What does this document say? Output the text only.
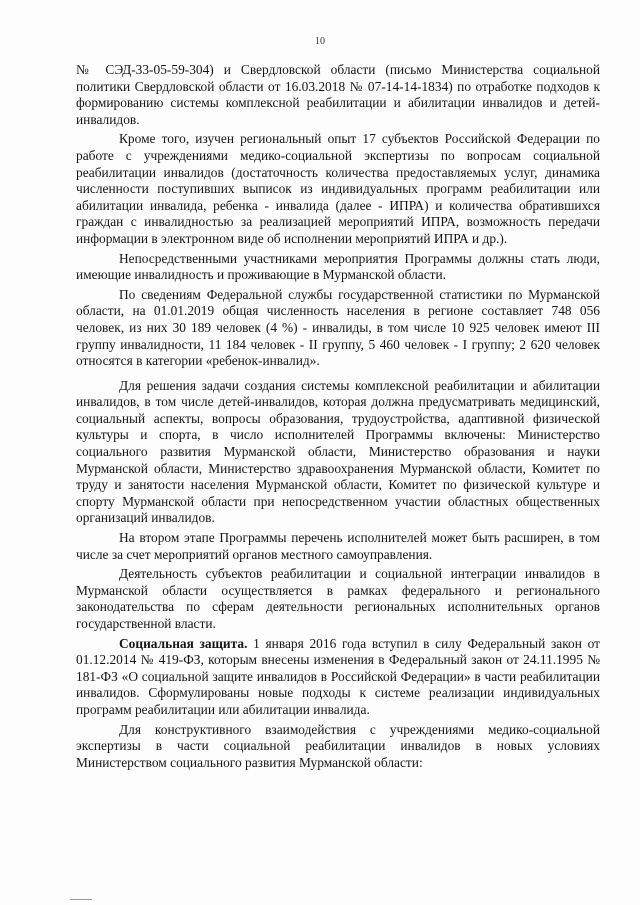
10

№ СЭД-33-05-59-304) и Свердловской области (письмо Министерства социальной политики Свердловской области от 16.03.2018 № 07-14-14-1834) по отработке подходов к формированию системы комплексной реабилитации и абилитации инвалидов и детей-инвалидов.

Кроме того, изучен региональный опыт 17 субъектов Российской Федерации по работе с учреждениями медико-социальной экспертизы по вопросам социальной реабилитации инвалидов (достаточность количества предоставляемых услуг, динамика численности поступивших выписок из индивидуальных программ реабилитации или абилитации инвалида, ребенка - инвалида (далее - ИПРА) и количества обратившихся граждан с инвалидностью за реализацией мероприятий ИПРА, возможность передачи информации в электронном виде об исполнении мероприятий ИПРА и др.).

Непосредственными участниками мероприятия Программы должны стать люди, имеющие инвалидность и проживающие в Мурманской области.

По сведениям Федеральной службы государственной статистики по Мурманской области, на 01.01.2019 общая численность населения в регионе составляет 748 056 человек, из них 30 189 человек (4 %) - инвалиды, в том числе 10 925 человек имеют III группу инвалидности, 11 184 человек - II группу, 5 460 человек - I группу; 2 620 человек относятся в категории «ребенок-инвалид».

Для решения задачи создания системы комплексной реабилитации и абилитации инвалидов, в том числе детей-инвалидов, которая должна предусматривать медицинский, социальный аспекты, вопросы образования, трудоустройства, адаптивной физической культуры и спорта, в число исполнителей Программы включены: Министерство социального развития Мурманской области, Министерство образования и науки Мурманской области, Министерство здравоохранения Мурманской области, Комитет по труду и занятости населения Мурманской области, Комитет по физической культуре и спорту Мурманской области при непосредственном участии областных общественных организаций инвалидов.

На втором этапе Программы перечень исполнителей может быть расширен, в том числе за счет мероприятий органов местного самоуправления.

Деятельность субъектов реабилитации и социальной интеграции инвалидов в Мурманской области осуществляется в рамках федерального и регионального законодательства по сферам деятельности региональных исполнительных органов государственной власти.

Социальная защита. 1 января 2016 года вступил в силу Федеральный закон от 01.12.2014 № 419-ФЗ, которым внесены изменения в Федеральный закон от 24.11.1995 № 181-ФЗ «О социальной защите инвалидов в Российской Федерации» в части реабилитации инвалидов. Сформулированы новые подходы к системе реализации индивидуальных программ реабилитации или абилитации инвалида.

Для конструктивного взаимодействия с учреждениями медико-социальной экспертизы в части социальной реабилитации инвалидов в новых условиях Министерством социального развития Мурманской области:
